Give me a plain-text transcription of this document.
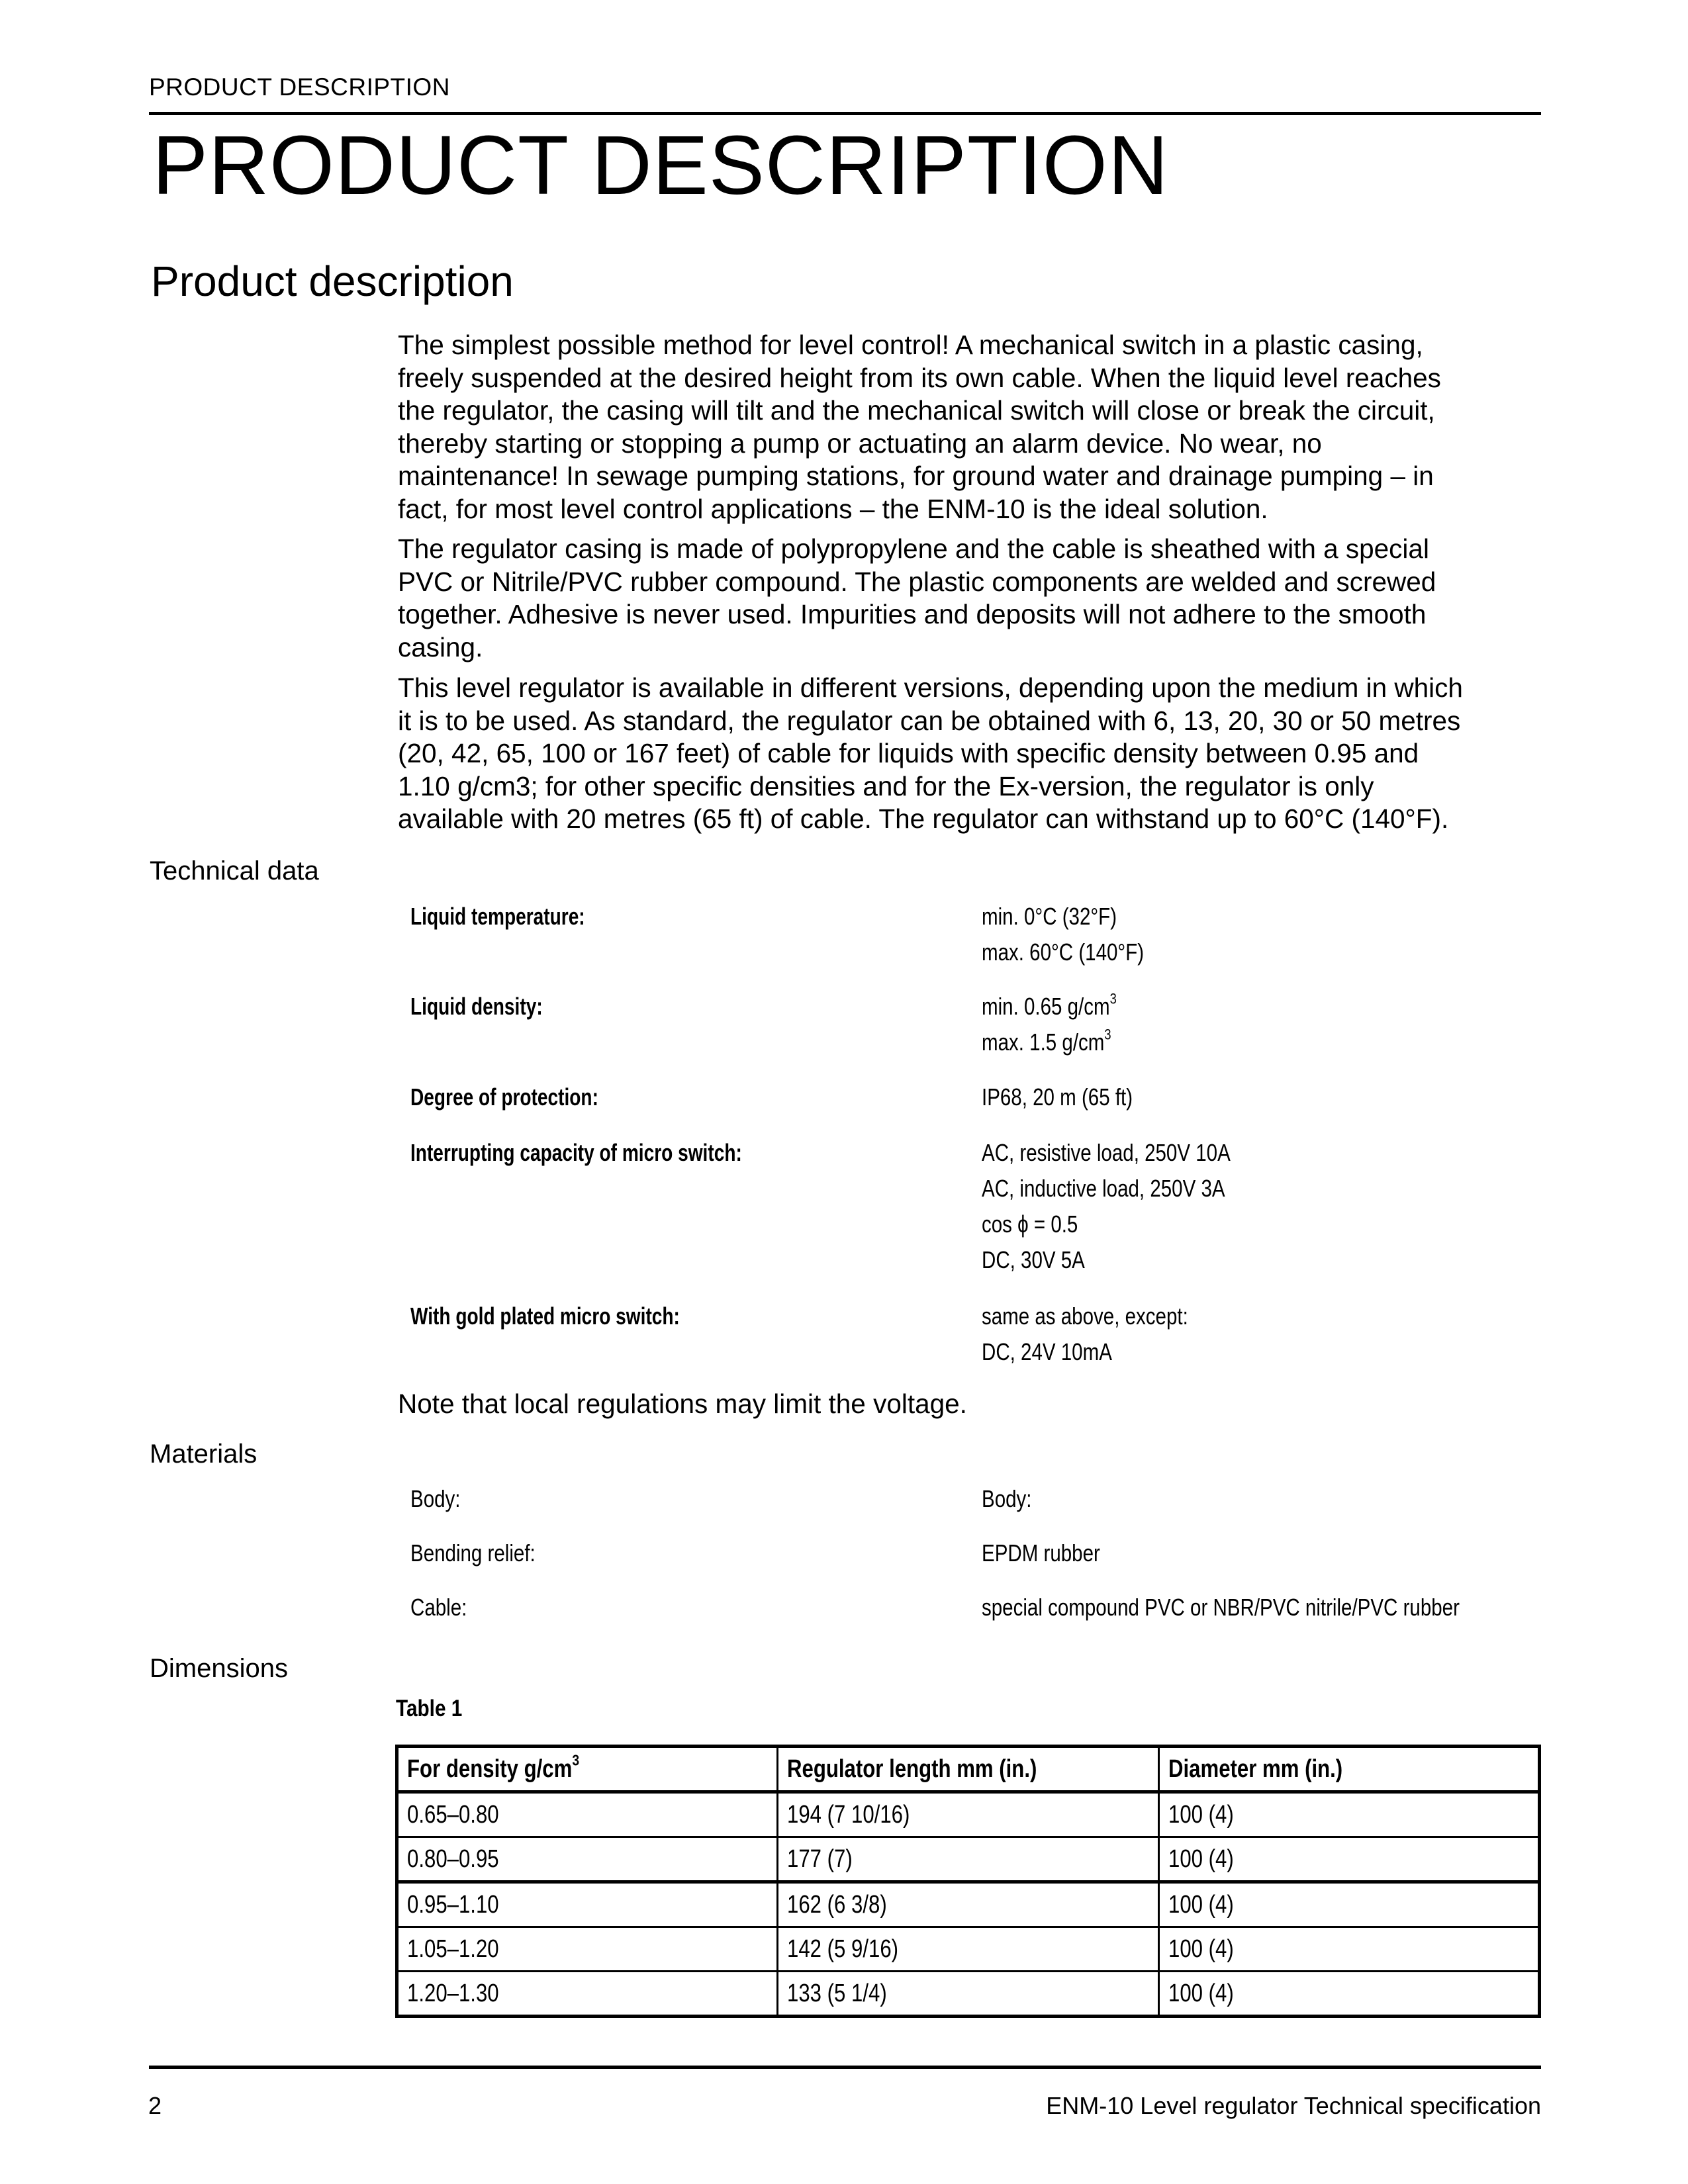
PRODUCT DESCRIPTION
PRODUCT DESCRIPTION
Product description
The simplest possible method for level control! A mechanical switch in a plastic casing,
freely suspended at the desired height from its own cable. When the liquid level reaches
the regulator, the casing will tilt and the mechanical switch will close or break the circuit,
thereby starting or stopping a pump or actuating an alarm device. No wear, no
maintenance! In sewage pumping stations, for ground water and drainage pumping – in
fact, for most level control applications – the ENM-10 is the ideal solution.
The regulator casing is made of polypropylene and the cable is sheathed with a special
PVC or Nitrile/PVC rubber compound. The plastic components are welded and screwed
together. Adhesive is never used. Impurities and deposits will not adhere to the smooth
casing.
This level regulator is available in different versions, depending upon the medium in which
it is to be used. As standard, the regulator can be obtained with 6, 13, 20, 30 or 50 metres
(20, 42, 65, 100 or 167 feet) of cable for liquids with specific density between 0.95 and
1.10 g/cm3; for other specific densities and for the Ex-version, the regulator is only
available with 20 metres (65 ft) of cable. The regulator can withstand up to 60°C (140°F).
Technical data
Liquid temperature:	min. 0°C (32°F)
max. 60°C (140°F)
Liquid density:	min. 0.65 $g/cm^3$
max. 1.5 $g/cm^3$
Degree of protection:	IP68, 20 m (65 ft)
Interrupting capacity of micro switch:	AC, resistive load, 250V 10A
AC, inductive load, 250V 3A
cos ϕ = 0.5
DC, 30V 5A
With gold plated micro switch:	same as above, except:
DC, 24V 10mA
Note that local regulations may limit the voltage.
Materials
Body:	Body:
Bending relief:	EPDM rubber
Cable:	special compound PVC or NBR/PVC nitrile/PVC rubber
Dimensions
Table 1
For density $g/cm^3$	Regulator length mm (in.)	Diameter mm (in.)
0.65–0.80	194 (7 10/16)	100 (4)
0.80–0.95	177 (7)	100 (4)
0.95–1.10	162 (6 3/8)	100 (4)
1.05–1.20	142 (5 9/16)	100 (4)
1.20–1.30	133 (5 1/4)	100 (4)
2	ENM-10 Level regulator Technical specification
